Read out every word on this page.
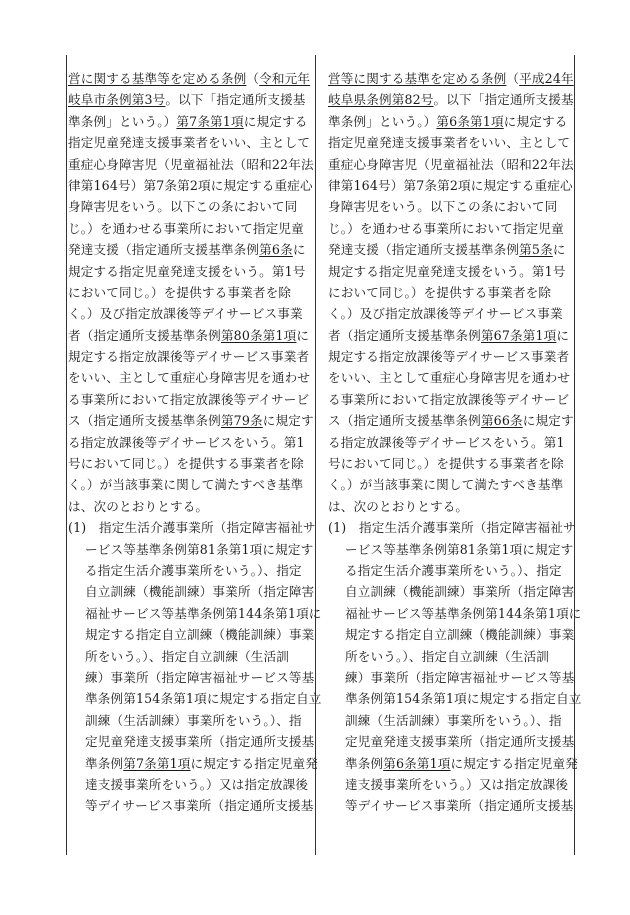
営に関する基準等を定める条例（令和元年
岐阜市条例第3号。以下「指定通所支援基
準条例」という。）第7条第1項に規定する
指定児童発達支援事業者をいい、主として
重症心身障害児（児童福祉法（昭和22年法
律第164号）第7条第2項に規定する重症心
身障害児をいう。以下この条において同
じ。）を通わせる事業所において指定児童
発達支援（指定通所支援基準条例第6条に
規定する指定児童発達支援をいう。第1号
において同じ。）を提供する事業者を除
く。）及び指定放課後等デイサービス事業
者（指定通所支援基準条例第80条第1項に
規定する指定放課後等デイサービス事業者
をいい、主として重症心身障害児を通わせ
る事業所において指定放課後等デイサービ
ス（指定通所支援基準条例第79条に規定す
る指定放課後等デイサービスをいう。第1
号において同じ。）を提供する事業者を除
く。）が当該事業に関して満たすべき基準
は、次のとおりとする。
(1)　指定生活介護事業所（指定障害福祉サ
ービス等基準条例第81条第1項に規定す
る指定生活介護事業所をいう。）、指定
自立訓練（機能訓練）事業所（指定障害
福祉サービス等基準条例第144条第1項に
規定する指定自立訓練（機能訓練）事業
所をいう。）、指定自立訓練（生活訓
練）事業所（指定障害福祉サービス等基
準条例第154条第1項に規定する指定自立
訓練（生活訓練）事業所をいう。）、指
定児童発達支援事業所（指定通所支援基
準条例第7条第1項に規定する指定児童発
達支援事業所をいう。）又は指定放課後
等デイサービス事業所（指定通所支援基
営等に関する基準を定める条例（平成24年
岐阜県条例第82号。以下「指定通所支援基
準条例」という。）第6条第1項に規定する
指定児童発達支援事業者をいい、主として
重症心身障害児（児童福祉法（昭和22年法
律第164号）第7条第2項に規定する重症心
身障害児をいう。以下この条において同
じ。）を通わせる事業所において指定児童
発達支援（指定通所支援基準条例第5条に
規定する指定児童発達支援をいう。第1号
において同じ。）を提供する事業者を除
く。）及び指定放課後等デイサービス事業
者（指定通所支援基準条例第67条第1項に
規定する指定放課後等デイサービス事業者
をいい、主として重症心身障害児を通わせ
る事業所において指定放課後等デイサービ
ス（指定通所支援基準条例第66条に規定す
る指定放課後等デイサービスをいう。第1
号において同じ。）を提供する事業者を除
く。）が当該事業に関して満たすべき基準
は、次のとおりとする。
(1)　指定生活介護事業所（指定障害福祉サ
ービス等基準条例第81条第1項に規定す
る指定生活介護事業所をいう。）、指定
自立訓練（機能訓練）事業所（指定障害
福祉サービス等基準条例第144条第1項に
規定する指定自立訓練（機能訓練）事業
所をいう。）、指定自立訓練（生活訓
練）事業所（指定障害福祉サービス等基
準条例第154条第1項に規定する指定自立
訓練（生活訓練）事業所をいう。）、指
定児童発達支援事業所（指定通所支援基
準条例第6条第1項に規定する指定児童発
達支援事業所をいう。）又は指定放課後
等デイサービス事業所（指定通所支援基
